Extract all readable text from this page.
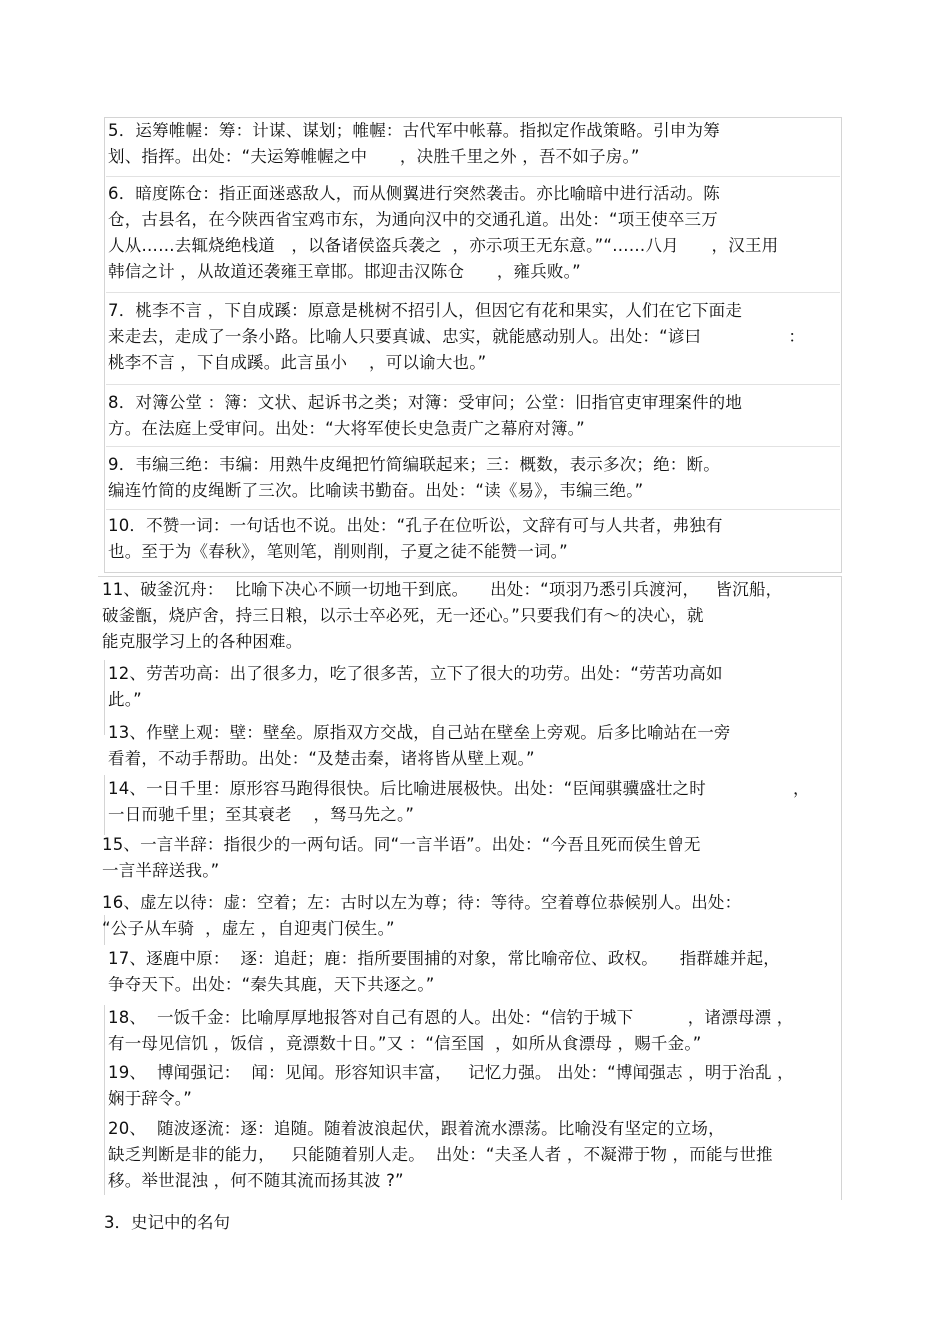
5．运筹帷幄：筹：计谋、谋划；帷幄：古代军中帐幕。指拟定作战策略。引申为筹
划、指挥。出处：“夫运筹帷幄之中      ，决胜千里之外 ，吾不如子房。”
6．暗度陈仓：指正面迷惑敌人，而从侧翼进行突然袭击。亦比喻暗中进行活动。陈
仓，古县名，在今陕西省宝鸡市东，为通向汉中的交通孔道。出处：“项王使卒三万
人从……去辄烧绝栈道   ，以备诸侯盗兵袭之  ，亦示项王无东意。”“……八月      ，汉王用
韩信之计 ，从故道还袭雍王章邯。邯迎击汉陈仓      ，雍兵败。”
7．桃李不言 ，下自成蹊：原意是桃树不招引人，但因它有花和果实，人们在它下面走
来走去，走成了一条小路。比喻人只要真诚、忠实，就能感动别人。出处：“谚曰                ：
桃李不言 ，下自成蹊。此言虽小    ，可以谕大也。”
8．对簿公堂 ：簿：文状、起诉书之类；对簿：受审问；公堂：旧指官吏审理案件的地
方。在法庭上受审问。出处：“大将军使长史急责广之幕府对簿。”
9．韦编三绝：韦编：用熟牛皮绳把竹简编联起来；三：概数，表示多次；绝：断。
编连竹简的皮绳断了三次。比喻读书勤奋。出处：“读《易》，韦编三绝。”
10．不赞一词：一句话也不说。出处：“孔子在位听讼，文辞有可与人共者，弗独有
也。至于为《春秋》，笔则笔，削则削，子夏之徒不能赞一词。”
11、破釜沉舟：  比喻下决心不顾一切地干到底。    出处：“项羽乃悉引兵渡河，   皆沉船，
破釜甑，烧庐舍，持三日粮，以示士卒必死，无一还心。”只要我们有～的决心，就
能克服学习上的各种困难。
12、劳苦功高：出了很多力，吃了很多苦，立下了很大的功劳。出处：“劳苦功高如
此。”
13、作壁上观：壁：壁垒。原指双方交战，自己站在壁垒上旁观。后多比喻站在一旁
看着，不动手帮助。出处：“及楚击秦，诸将皆从壁上观。”
14、一日千里：原形容马跑得很快。后比喻进展极快。出处：“臣闻骐骥盛壮之时                ，
一日而驰千里；至其衰老    ，驽马先之。”
15、一言半辞：指很少的一两句话。同“一言半语”。出处：“今吾且死而侯生曾无
一言半辞送我。”
16、虚左以待：虚：空着；左：古时以左为尊；待：等待。空着尊位恭候别人。出处：
“公子从车骑  ，虚左 ，自迎夷门侯生。”
17、逐鹿中原：  逐：追赶；鹿：指所要围捕的对象，常比喻帝位、政权。    指群雄并起，
争夺天下。出处：“秦失其鹿，天下共逐之。”
18、  一饭千金：比喻厚厚地报答对自己有恩的人。出处：“信钓于城下          ，诸漂母漂 ，
有一母见信饥 ，饭信 ，竟漂数十日。”又 ：“信至国  ，如所从食漂母 ，赐千金。”
19、  博闻强记：  闻：见闻。形容知识丰富，   记忆力强。 出处：“博闻强志 ，明于治乱 ，
娴于辞令。”
20、  随波逐流：逐：追随。随着波浪起伏，跟着流水漂荡。比喻没有坚定的立场，
缺乏判断是非的能力，   只能随着别人走。  出处：“夫圣人者 ，不凝滞于物 ，而能与世推
移。举世混浊 ，何不随其流而扬其波 ?”
3．史记中的名句
